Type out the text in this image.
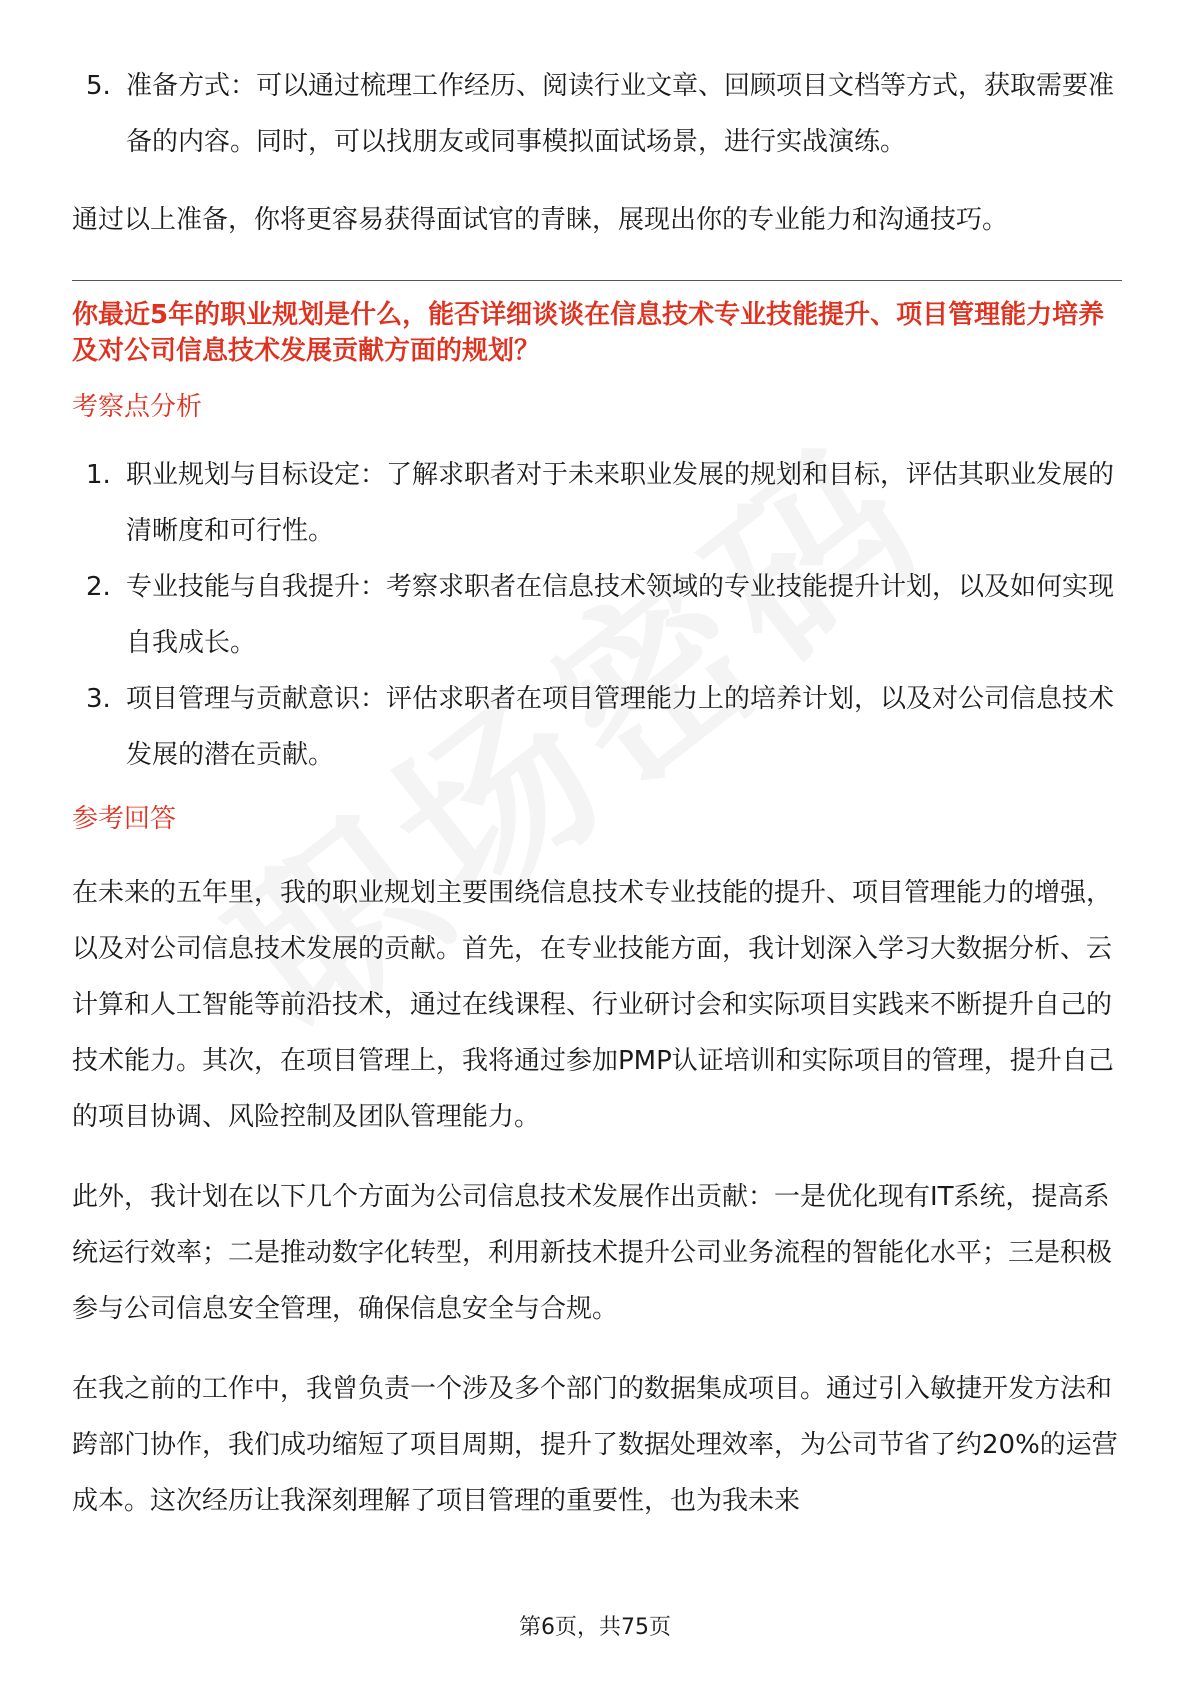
5. 准备方式：可以通过梳理工作经历、阅读行业文章、回顾项目文档等方式，获取需要准备的内容。同时，可以找朋友或同事模拟面试场景，进行实战演练。

通过以上准备，你将更容易获得面试官的青睐，展现出你的专业能力和沟通技巧。

你最近5年的职业规划是什么，能否详细谈谈在信息技术专业技能提升、项目管理能力培养及对公司信息技术发展贡献方面的规划？

考察点分析
1. 职业规划与目标设定：了解求职者对于未来职业发展的规划和目标，评估其职业发展的清晰度和可行性。
2. 专业技能与自我提升：考察求职者在信息技术领域的专业技能提升计划，以及如何实现自我成长。
3. 项目管理与贡献意识：评估求职者在项目管理能力上的培养计划，以及对公司信息技术发展的潜在贡献。
参考回答

在未来的五年里，我的职业规划主要围绕信息技术专业技能的提升、项目管理能力的增强，以及对公司信息技术发展的贡献。首先，在专业技能方面，我计划深入学习大数据分析、云计算和人工智能等前沿技术，通过在线课程、行业研讨会和实际项目实践来不断提升自己的技术能力。其次，在项目管理上，我将通过参加PMP认证培训和实际项目的管理，提升自己的项目协调、风险控制及团队管理能力。

此外，我计划在以下几个方面为公司信息技术发展作出贡献：一是优化现有IT系统，提高系统运行效率；二是推动数字化转型，利用新技术提升公司业务流程的智能化水平；三是积极参与公司信息安全管理，确保信息安全与合规。

在我之前的工作中，我曾负责一个涉及多个部门的数据集成项目。通过引入敏捷开发方法和跨部门协作，我们成功缩短了项目周期，提升了数据处理效率，为公司节省了约20%的运营成本。这次经历让我深刻理解了项目管理的重要性，也为我未来

第6页，共75页
